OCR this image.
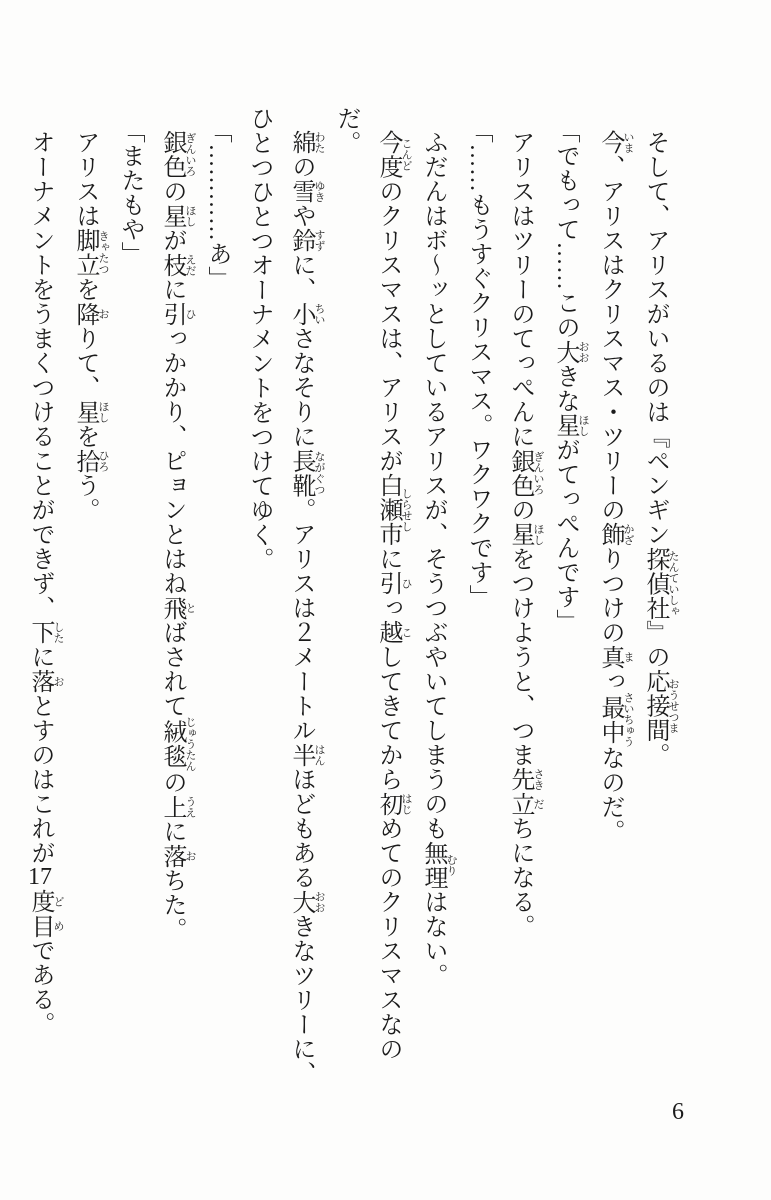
そして、アリスがいるのは『ペンギン探偵社 たんていしゃ』の応接間 おうせつま。
今 いま、アリスはクリスマス・ツリーの飾 かざりつけの真 まっ最中 さいちゅうなのだ。
「でもって……この大 おおきな星 ほしがてっぺんです」
アリスはツリーのてっぺんに銀色 ぎんいろの星 ほしをつけようと、つま先 さき立 だちになる。
「……もうすぐクリスマス。ワクワクです」
ふだんはボ〜ッとしているアリスが、そうつぶやいてしまうのも無理 むりはない。
今度 こんどのクリスマスは、アリスが白瀬市 しらせしに引 ひっ越 こしてきてから初 はじめてのクリスマスなのだ。
綿 わたの雪 ゆきや鈴 すずに、小 ちいさなそりに長靴 ながぐつ。アリスは２メートル半 はんほどもある大 おおきなツリーに、
ひとつひとつオーナメントをつけてゆく。
「…………あ」
銀色 ぎんいろの星 ほしが枝 えだに引 ひっかかり、ピョンとはね飛 とばされて絨毯 じゅうたんの上 うえに落 おちた。
「またもや」
アリスは脚立 きゃたつを降 おりて、星 ほしを拾 ひろう。
オーナメントをうまくつけることができず、下 したに落 おとすのはこれが17度 ど目 めである。
6
